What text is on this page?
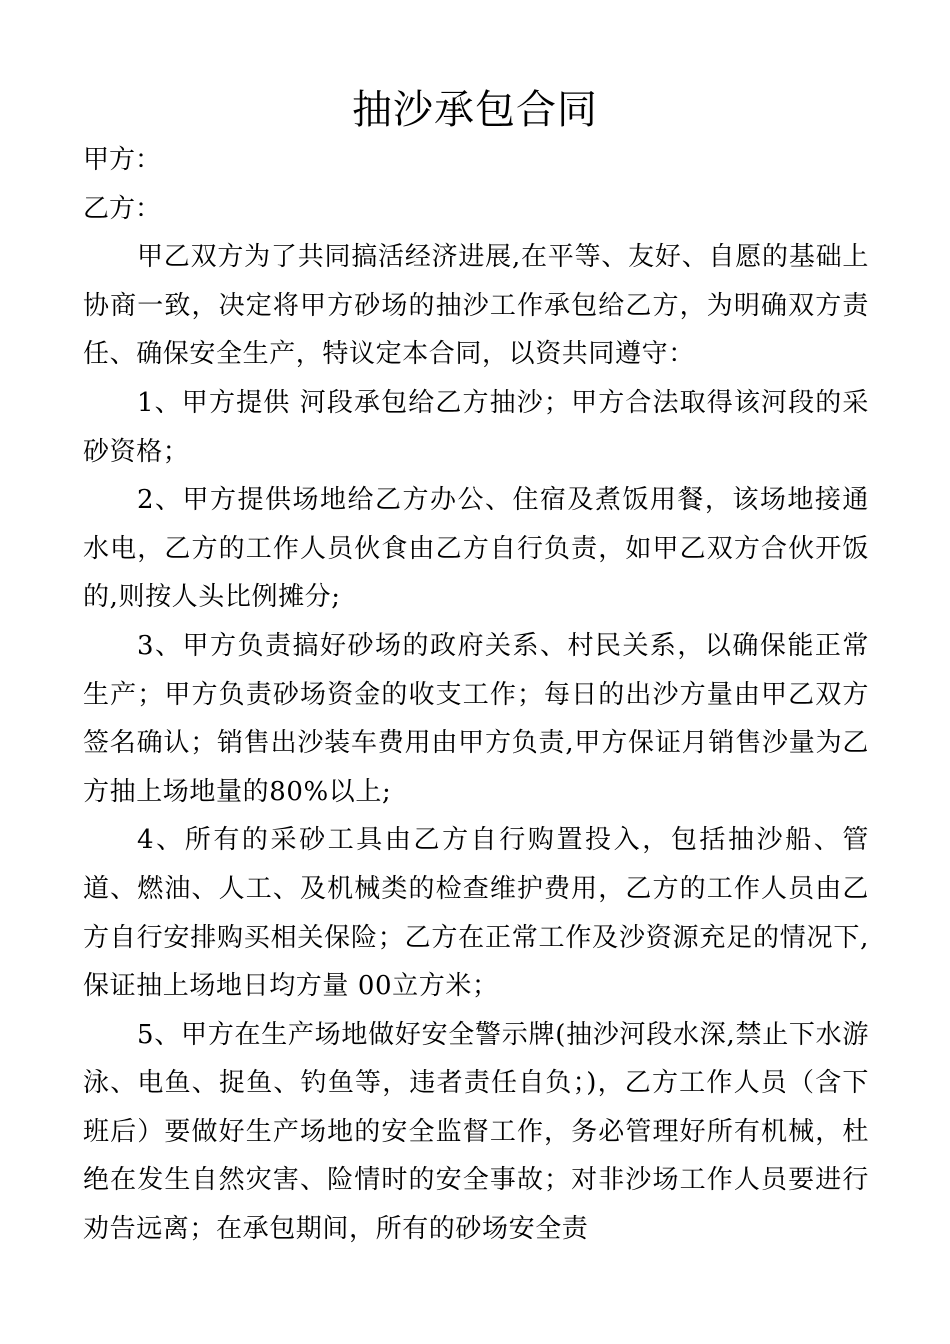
抽沙承包合同

甲方：

乙方：

甲乙双方为了共同搞活经济进展,在平等、友好、自愿的基础上协商一致，决定将甲方砂场的抽沙工作承包给乙方，为明确双方责任、确保安全生产，特议定本合同，以资共同遵守：

1、甲方提供 河段承包给乙方抽沙；甲方合法取得该河段的采砂资格；

2、甲方提供场地给乙方办公、住宿及煮饭用餐，该场地接通水电，乙方的工作人员伙食由乙方自行负责，如甲乙双方合伙开饭的,则按人头比例摊分;

3、甲方负责搞好砂场的政府关系、村民关系，以确保能正常生产；甲方负责砂场资金的收支工作；每日的出沙方量由甲乙双方签名确认；销售出沙装车费用由甲方负责,甲方保证月销售沙量为乙方抽上场地量的80%以上;

4、所有的采砂工具由乙方自行购置投入，包括抽沙船、管道、燃油、人工、及机械类的检查维护费用，乙方的工作人员由乙方自行安排购买相关保险；乙方在正常工作及沙资源充足的情况下,保证抽上场地日均方量 00立方米；

5、甲方在生产场地做好安全警示牌(抽沙河段水深,禁止下水游泳、电鱼、捉鱼、钓鱼等，违者责任自负；)，乙方工作人员（含下班后）要做好生产场地的安全监督工作，务必管理好所有机械，杜绝在发生自然灾害、险情时的安全事故；对非沙场工作人员要进行劝告远离；在承包期间，所有的砂场安全责
